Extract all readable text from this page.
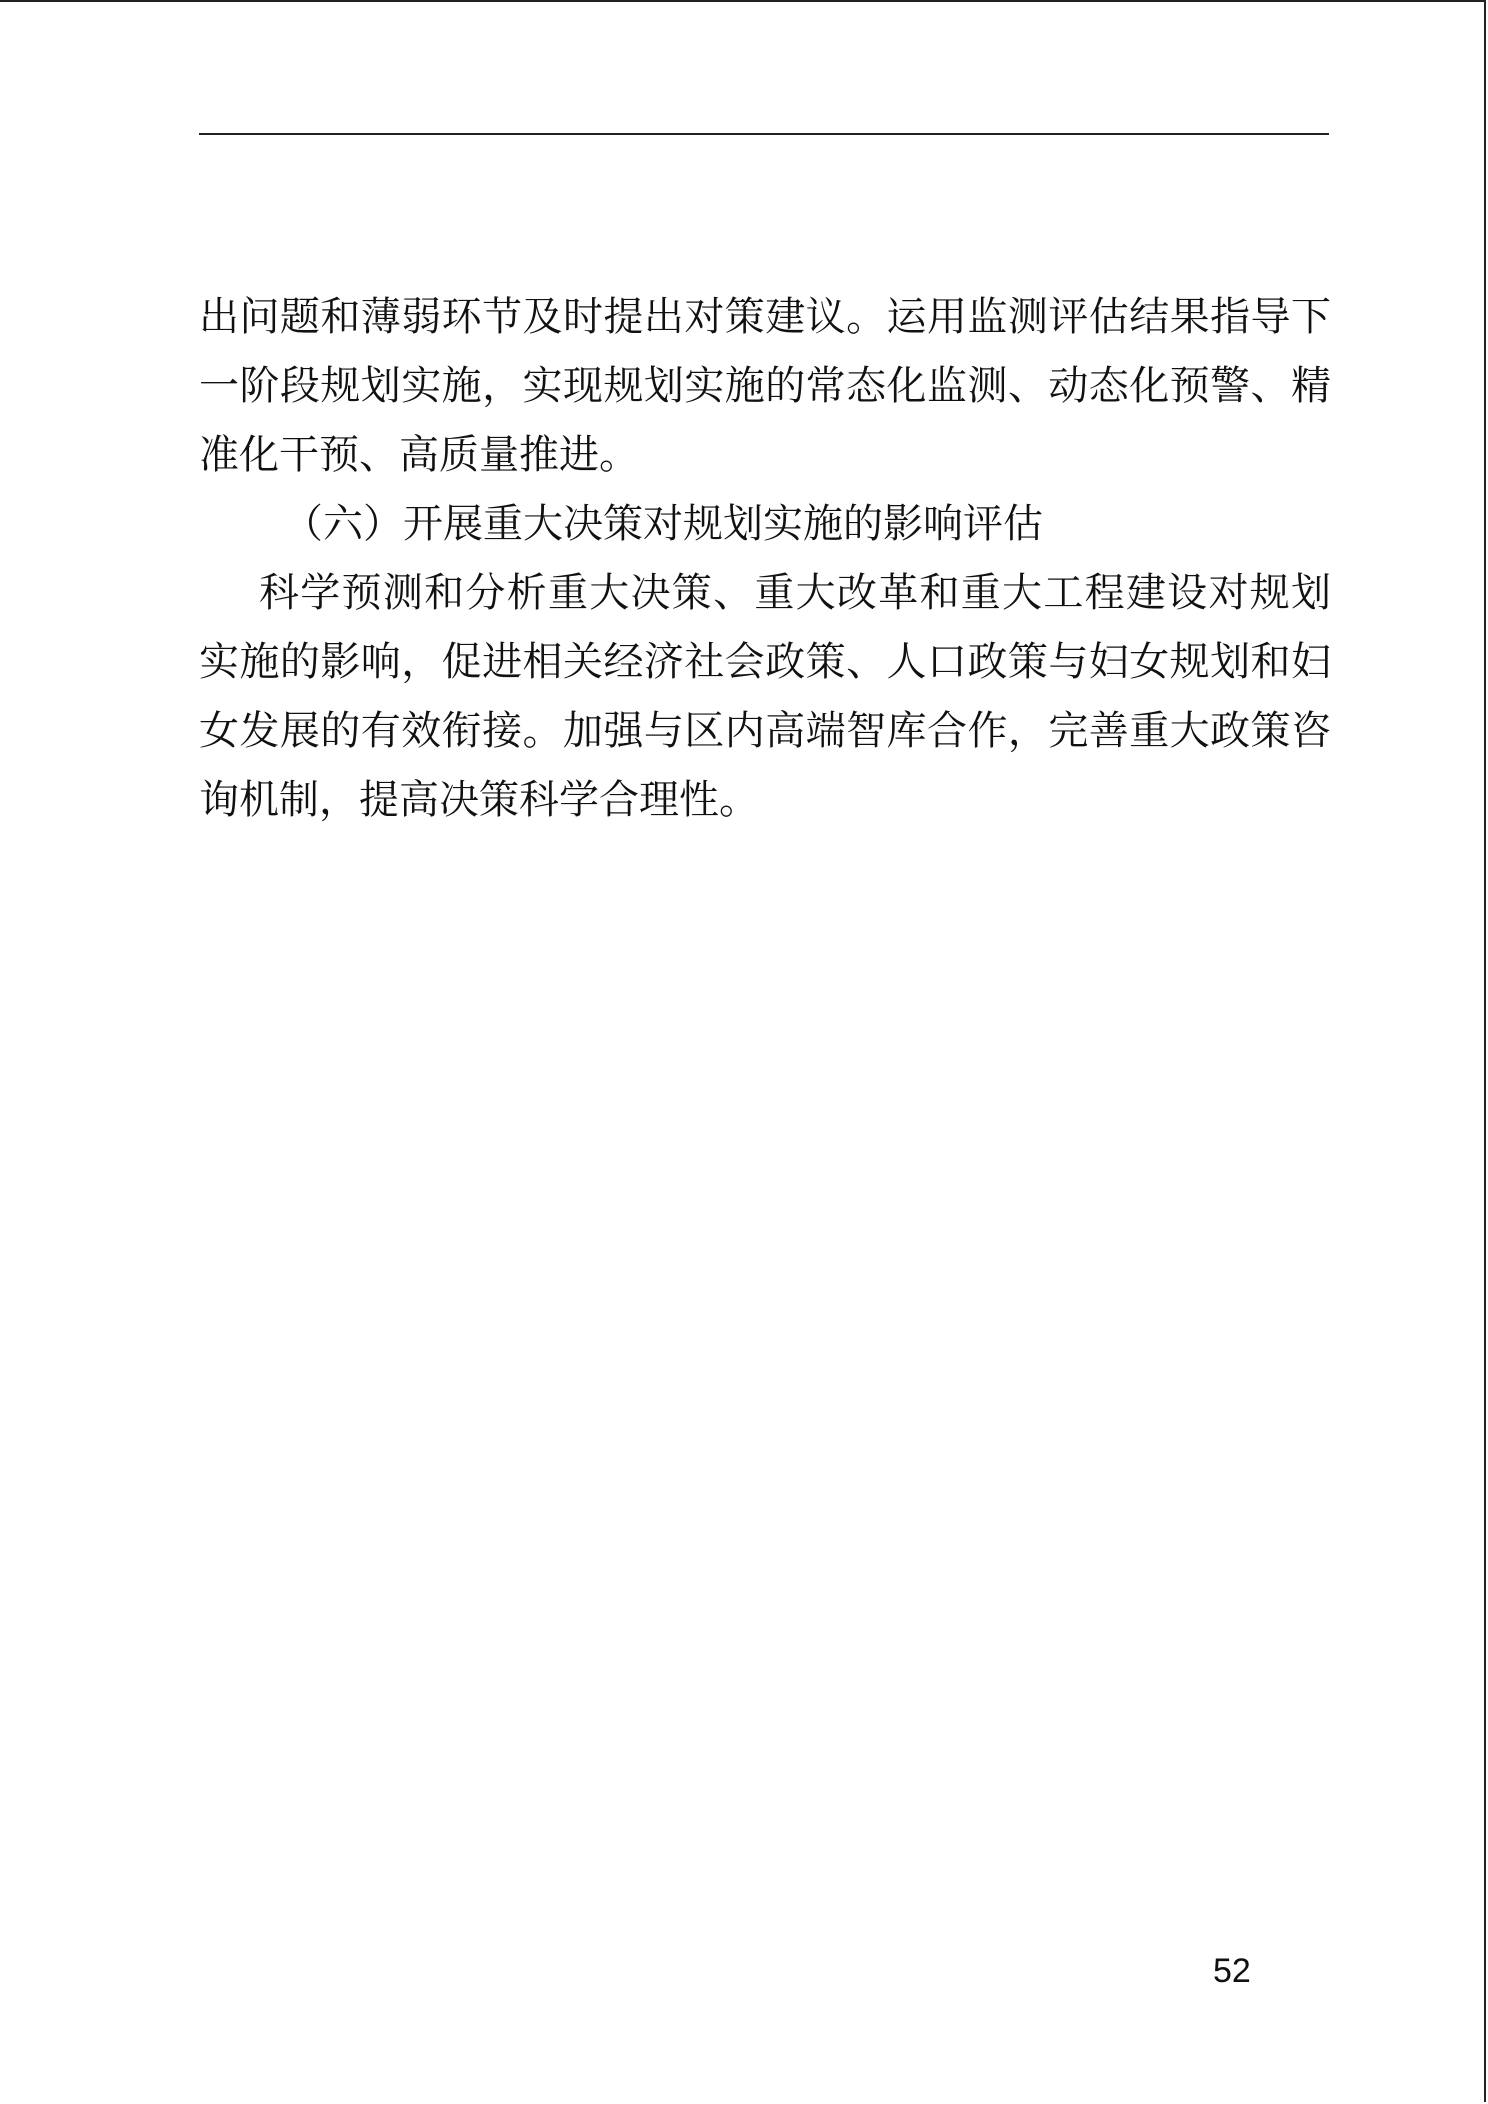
出问题和薄弱环节及时提出对策建议。运用监测评估结果指导下一阶段规划实施，实现规划实施的常态化监测、动态化预警、精准化干预、高质量推进。

（六）开展重大决策对规划实施的影响评估

科学预测和分析重大决策、重大改革和重大工程建设对规划实施的影响，促进相关经济社会政策、人口政策与妇女规划和妇女发展的有效衔接。加强与区内高端智库合作，完善重大政策咨询机制，提高决策科学合理性。

52
